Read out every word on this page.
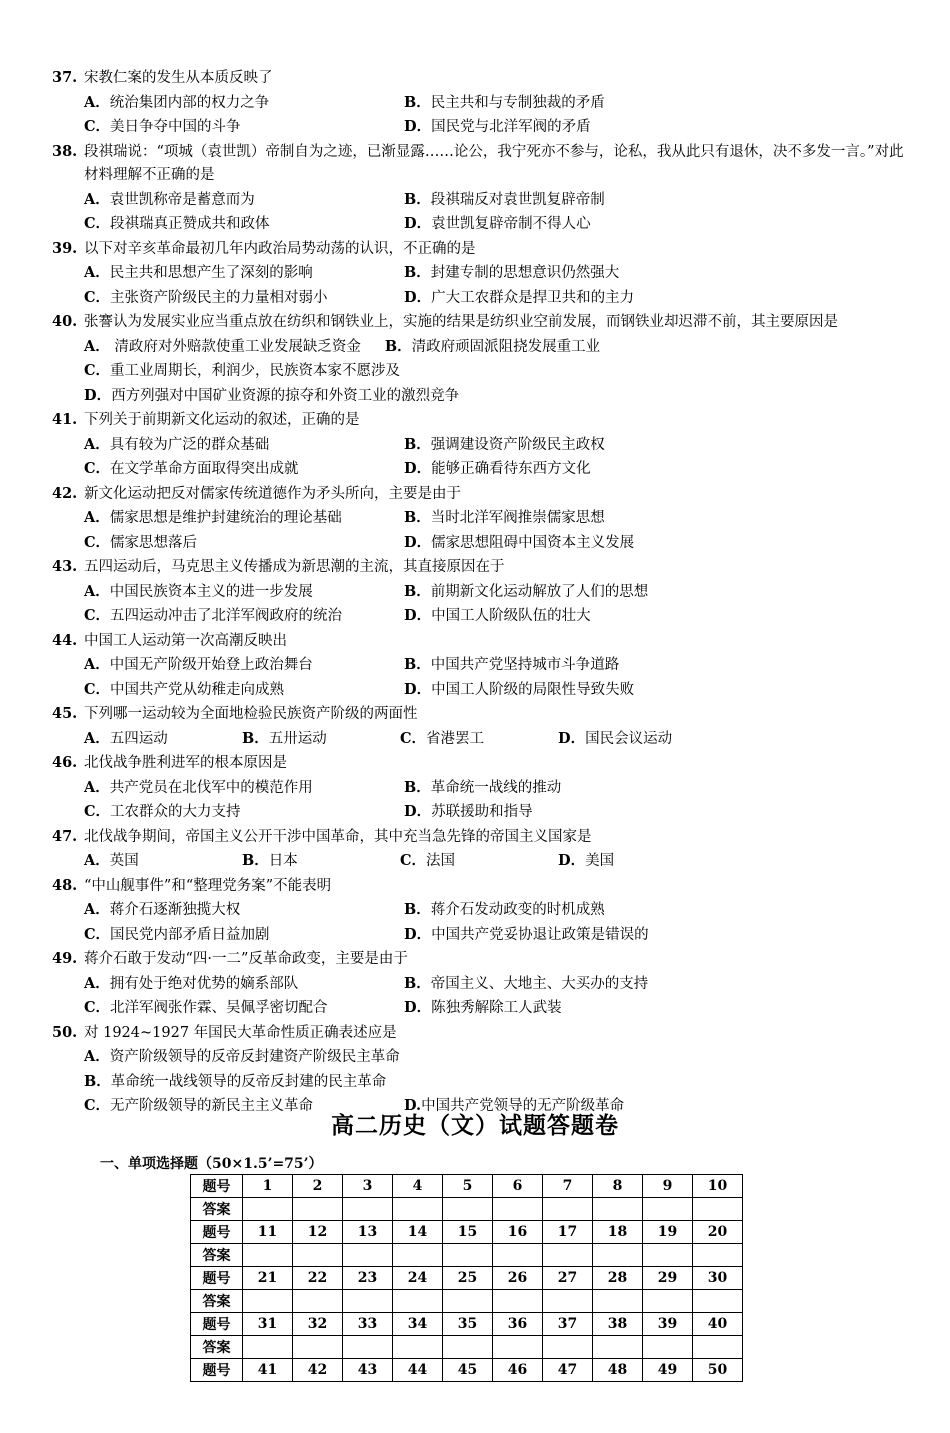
37. 宋教仁案的发生从本质反映了
A．统治集团内部的权力之争	B．民主共和与专制独裁的矛盾
C．美日争夺中国的斗争	D．国民党与北洋军阀的矛盾
38. 段祺瑞说：“项城（袁世凯）帝制自为之迹，已渐显露……论公，我宁死亦不参与，论私，我从此只有退休，决不多发一言。”对此材料理解不正确的是
A．袁世凯称帝是蓄意而为	B．段祺瑞反对袁世凯复辟帝制
C．段祺瑞真正赞成共和政体	D．袁世凯复辟帝制不得人心
39. 以下对辛亥革命最初几年内政治局势动荡的认识，不正确的是
A．民主共和思想产生了深刻的影响	B．封建专制的思想意识仍然强大
C．主张资产阶级民主的力量相对弱小	D．广大工农群众是捍卫共和的主力
40. 张謇认为发展实业应当重点放在纺织和钢铁业上，实施的结果是纺织业空前发展，而钢铁业却迟滞不前，其主要原因是
A． 清政府对外赔款使重工业发展缺乏资金 B．清政府顽固派阻挠发展重工业
C．重工业周期长，利润少，民族资本家不愿涉及
D．西方列强对中国矿业资源的掠夺和外资工业的激烈竞争
41. 下列关于前期新文化运动的叙述，正确的是
A．具有较为广泛的群众基础	B．强调建设资产阶级民主政权
C．在文学革命方面取得突出成就	D．能够正确看待东西方文化
42. 新文化运动把反对儒家传统道德作为矛头所向，主要是由于
A．儒家思想是维护封建统治的理论基础	B．当时北洋军阀推崇儒家思想
C．儒家思想落后	D．儒家思想阻碍中国资本主义发展
43. 五四运动后，马克思主义传播成为新思潮的主流，其直接原因在于
A．中国民族资本主义的进一步发展	B．前期新文化运动解放了人们的思想
C．五四运动冲击了北洋军阀政府的统治	D．中国工人阶级队伍的壮大
44. 中国工人运动第一次高潮反映出
A．中国无产阶级开始登上政治舞台	B．中国共产党坚持城市斗争道路
C．中国共产党从幼稚走向成熟	D．中国工人阶级的局限性导致失败
45. 下列哪一运动较为全面地检验民族资产阶级的两面性
A．五四运动	B．五卅运动	C．省港罢工	D．国民会议运动
46. 北伐战争胜利进军的根本原因是
A．共产党员在北伐军中的模范作用	B．革命统一战线的推动
C．工农群众的大力支持	D．苏联援助和指导
47. 北伐战争期间，帝国主义公开干涉中国革命，其中充当急先锋的帝国主义国家是
A．英国	B．日本	C．法国	D．美国
48. “中山舰事件”和“整理党务案”不能表明
A．蒋介石逐渐独揽大权	B．蒋介石发动政变的时机成熟
C．国民党内部矛盾日益加剧	D．中国共产党妥协退让政策是错误的
49. 蒋介石敢于发动“四·一二”反革命政变，主要是由于
A．拥有处于绝对优势的嫡系部队	B．帝国主义、大地主、大买办的支持
C．北洋军阀张作霖、吴佩孚密切配合	D．陈独秀解除工人武装
50. 对 1924~1927 年国民大革命性质正确表述应是
A．资产阶级领导的反帝反封建资产阶级民主革命
B．革命统一战线领导的反帝反封建的民主革命
C．无产阶级领导的新民主主义革命	D.中国共产党领导的无产阶级革命
高二历史（文）试题答题卷
一、单项选择题（50×1.5’=75’）
题号	1	2	3	4	5	6	7	8	9	10
答案										
题号	11	12	13	14	15	16	17	18	19	20
答案										
题号	21	22	23	24	25	26	27	28	29	30
答案										
题号	31	32	33	34	35	36	37	38	39	40
答案										
题号	41	42	43	44	45	46	47	48	49	50
